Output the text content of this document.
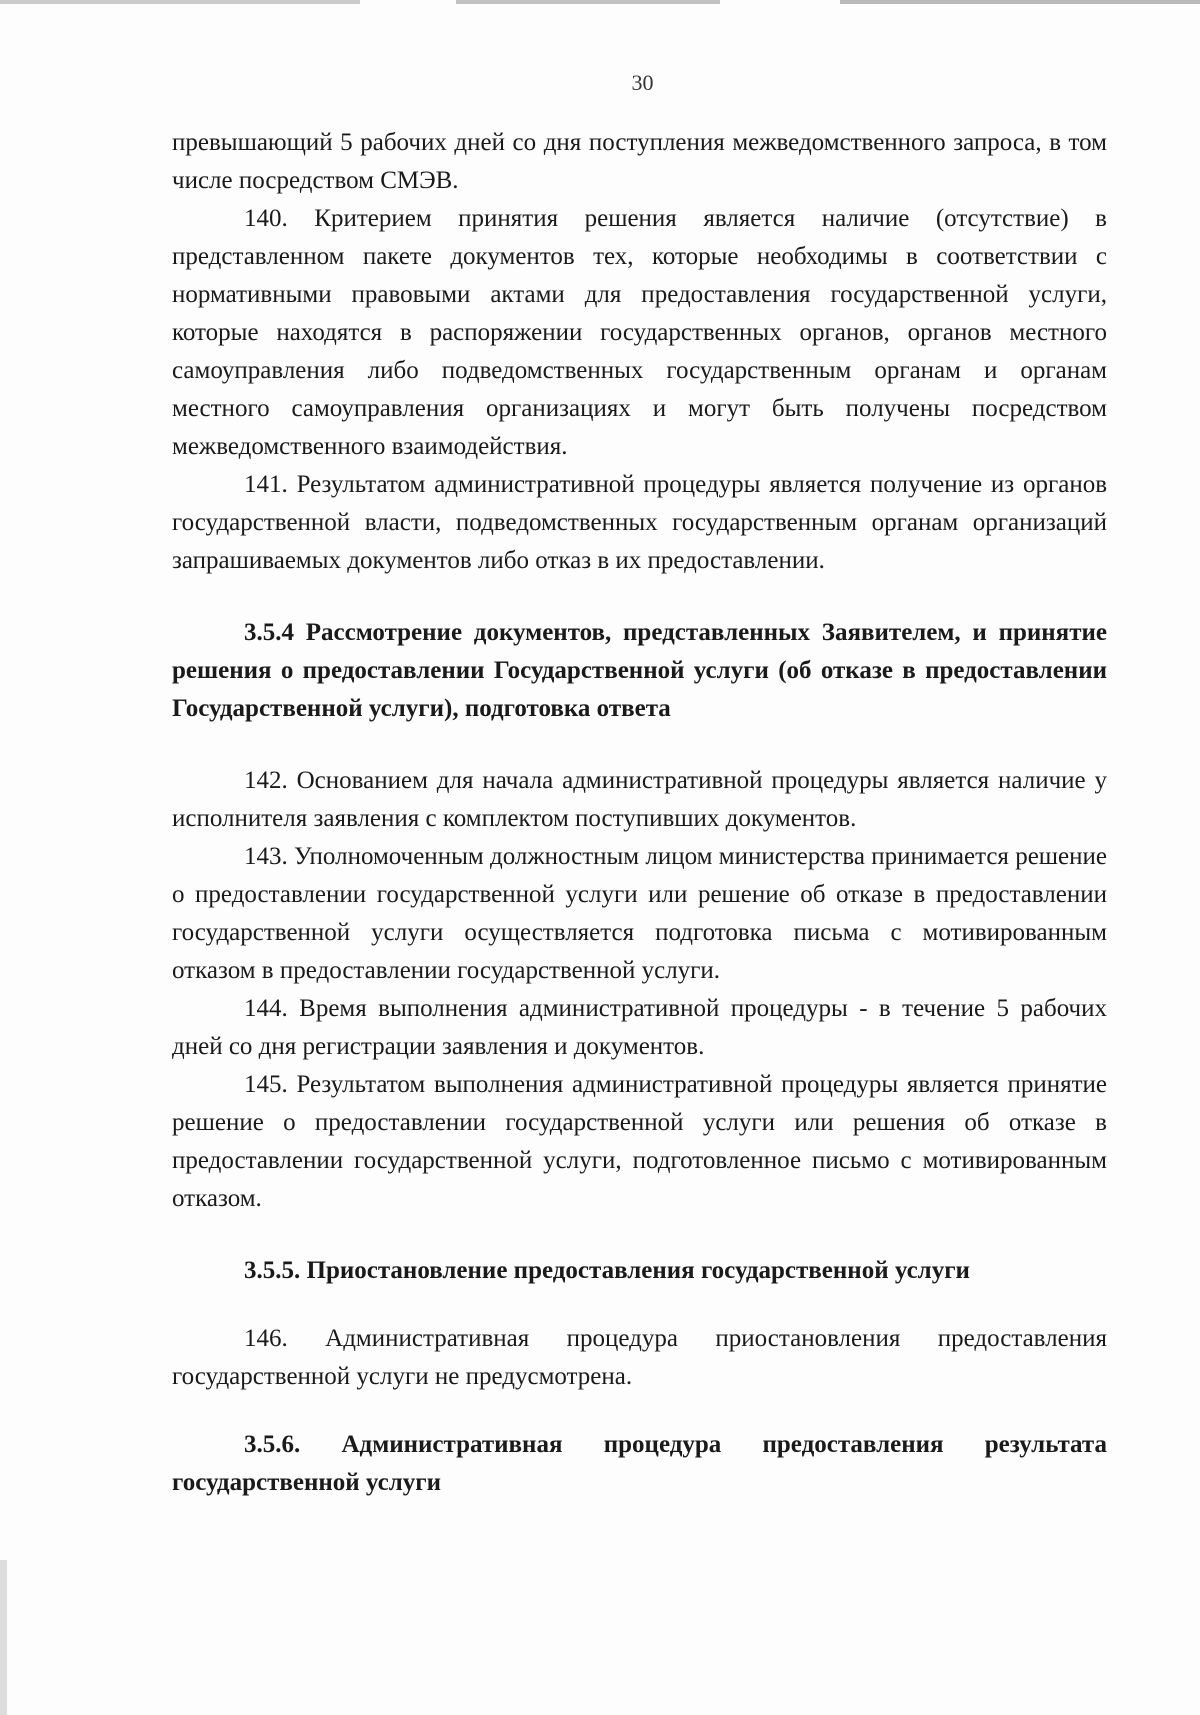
30

превышающий 5 рабочих дней со дня поступления межведомственного запроса, в том числе посредством СМЭВ.

140. Критерием принятия решения является наличие (отсутствие) в представленном пакете документов тех, которые необходимы в соответствии с нормативными правовыми актами для предоставления государственной услуги, которые находятся в распоряжении государственных органов, органов местного самоуправления либо подведомственных государственным органам и органам местного самоуправления организациях и могут быть получены посредством межведомственного взаимодействия.

141. Результатом административной процедуры является получение из органов государственной власти, подведомственных государственным органам организаций запрашиваемых документов либо отказ в их предоставлении.

3.5.4 Рассмотрение документов, представленных Заявителем, и принятие решения о предоставлении Государственной услуги (об отказе в предоставлении Государственной услуги), подготовка ответа

142. Основанием для начала административной процедуры является наличие у исполнителя заявления с комплектом поступивших документов.

143. Уполномоченным должностным лицом министерства принимается решение о предоставлении государственной услуги или решение об отказе в предоставлении государственной услуги осуществляется подготовка письма с мотивированным отказом в предоставлении государственной услуги.

144. Время выполнения административной процедуры - в течение 5 рабочих дней со дня регистрации заявления и документов.

145. Результатом выполнения административной процедуры является принятие решение о предоставлении государственной услуги или решения об отказе в предоставлении государственной услуги, подготовленное письмо с мотивированным отказом.

3.5.5. Приостановление предоставления государственной услуги

146. Административная процедура приостановления предоставления государственной услуги не предусмотрена.

3.5.6. Административная процедура предоставления результата государственной услуги
